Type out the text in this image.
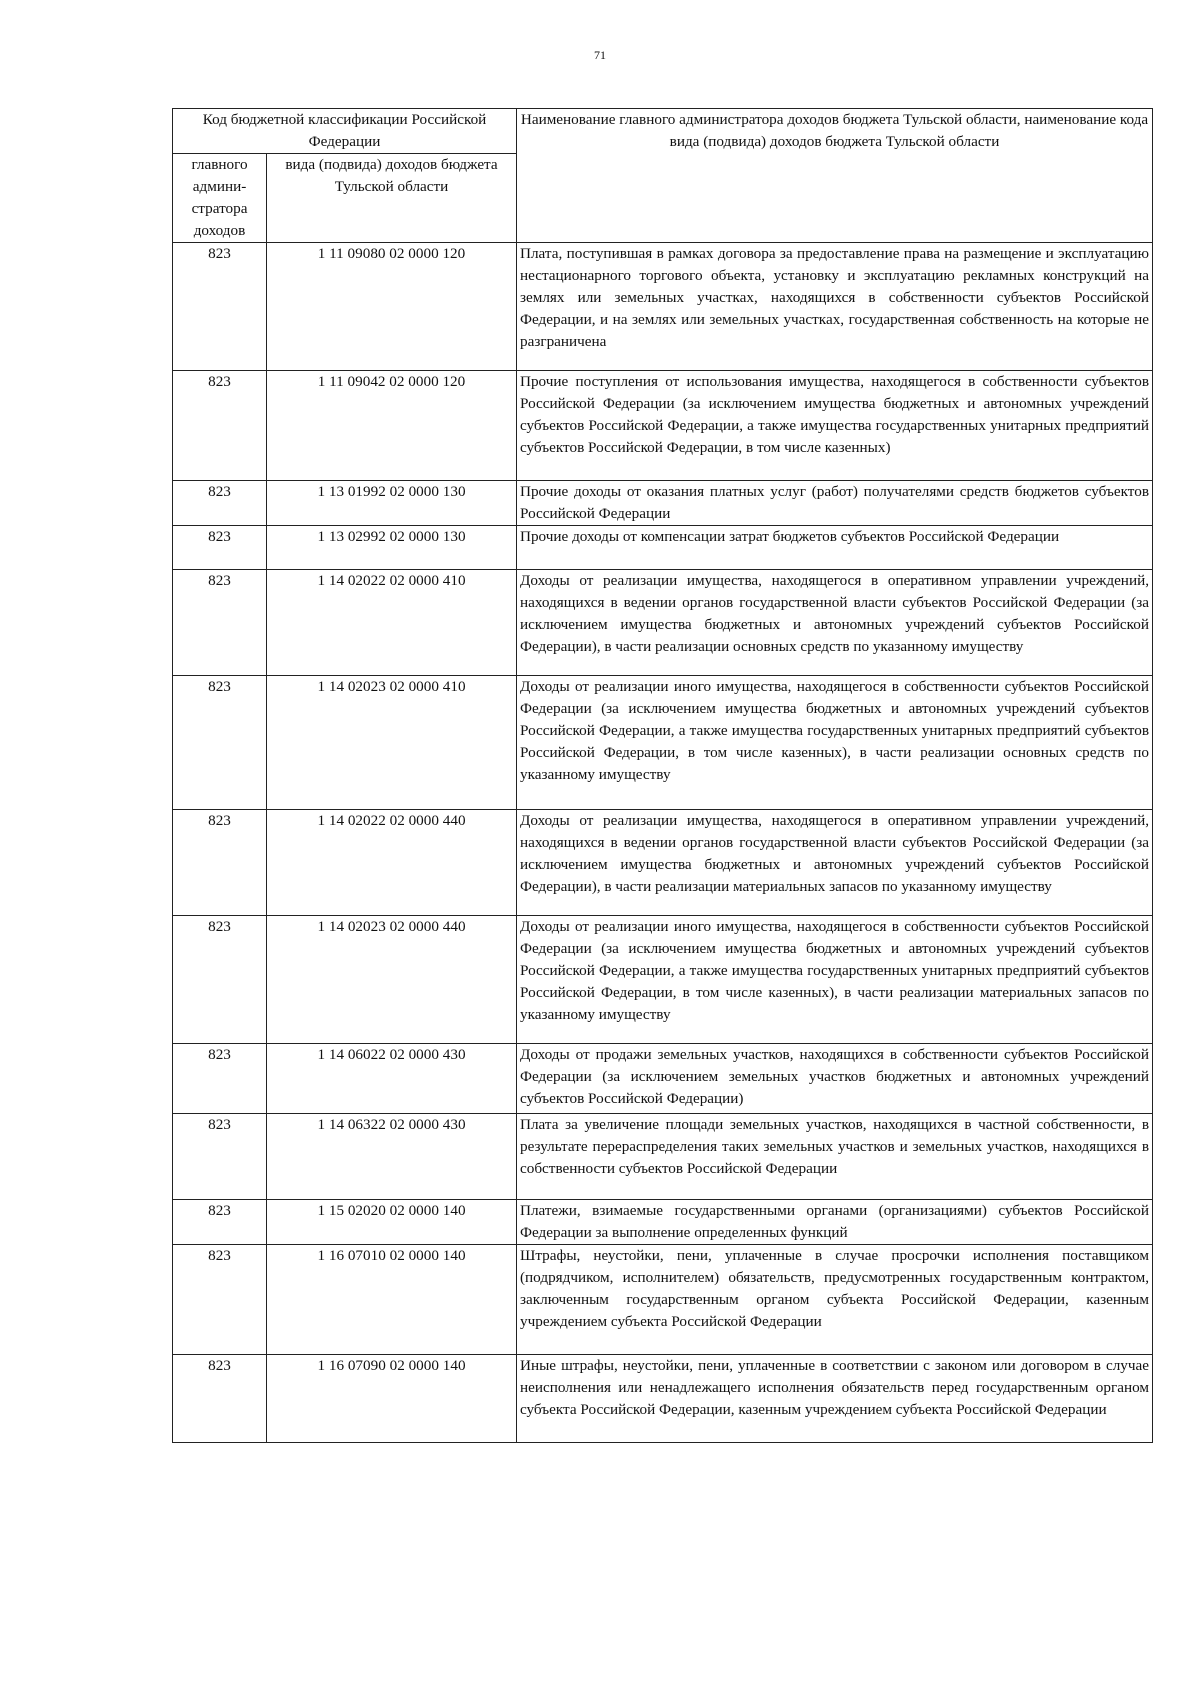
71
Код бюджетной классификации Российской Федерации		Наименование главного администратора доходов бюджета Тульской области, наименование кода вида (подвида) доходов бюджета Тульской области
главного админи-стратора доходов	вида (подвида) доходов бюджета Тульской области	
823	1 11 09080 02 0000 120	Плата, поступившая в рамках договора за предоставление права на размещение и эксплуатацию нестационарного торгового объекта, установку и эксплуатацию рекламных конструкций на землях или земельных участках, находящихся в собственности субъектов Российской Федерации, и на землях или земельных участках, государственная собственность на которые не разграничена
823	1 11 09042 02 0000 120	Прочие поступления от использования имущества, находящегося в собственности субъектов Российской Федерации (за исключением имущества бюджетных и автономных учреждений субъектов Российской Федерации, а также имущества государственных унитарных предприятий субъектов Российской Федерации, в том числе казенных)
823	1 13 01992 02 0000 130	Прочие доходы от оказания платных услуг (работ) получателями средств бюджетов субъектов Российской Федерации
823	1 13 02992 02 0000 130	Прочие доходы от компенсации затрат бюджетов субъектов Российской Федерации
823	1 14 02022 02 0000 410	Доходы от реализации имущества, находящегося в оперативном управлении учреждений, находящихся в ведении органов государственной власти субъектов Российской Федерации (за исключением имущества бюджетных и автономных учреждений субъектов Российской Федерации), в части реализации основных средств по указанному имуществу
823	1 14 02023 02 0000 410	Доходы от реализации иного имущества, находящегося в собственности субъектов Российской Федерации (за исключением имущества бюджетных и автономных учреждений субъектов Российской Федерации, а также имущества государственных унитарных предприятий субъектов Российской Федерации, в том числе казенных), в части реализации основных средств по указанному имуществу
823	1 14 02022 02 0000 440	Доходы от реализации имущества, находящегося в оперативном управлении учреждений, находящихся в ведении органов государственной власти субъектов Российской Федерации (за исключением имущества бюджетных и автономных учреждений субъектов Российской Федерации), в части реализации материальных запасов по указанному имуществу
823	1 14 02023 02 0000 440	Доходы от реализации иного имущества, находящегося в собственности субъектов Российской Федерации (за исключением имущества бюджетных и автономных учреждений субъектов Российской Федерации, а также имущества государственных унитарных предприятий субъектов Российской Федерации, в том числе казенных), в части реализации материальных запасов по указанному имуществу
823	1 14 06022 02 0000 430	Доходы от продажи земельных участков, находящихся в собственности субъектов Российской Федерации (за исключением земельных участков бюджетных и автономных учреждений субъектов Российской Федерации)
823	1 14 06322 02 0000 430	Плата за увеличение площади земельных участков, находящихся в частной собственности, в результате перераспределения таких земельных участков и земельных участков, находящихся в собственности субъектов Российской Федерации
823	1 15 02020 02 0000 140	Платежи, взимаемые государственными органами (организациями) субъектов Российской Федерации за выполнение определенных функций
823	1 16 07010 02 0000 140	Штрафы, неустойки, пени, уплаченные в случае просрочки исполнения поставщиком (подрядчиком, исполнителем) обязательств, предусмотренных государственным контрактом, заключенным государственным органом субъекта Российской Федерации, казенным учреждением субъекта Российской Федерации
823	1 16 07090 02 0000 140	Иные штрафы, неустойки, пени, уплаченные в соответствии с законом или договором в случае неисполнения или ненадлежащего исполнения обязательств перед государственным органом субъекта Российской Федерации, казенным учреждением субъекта Российской Федерации
